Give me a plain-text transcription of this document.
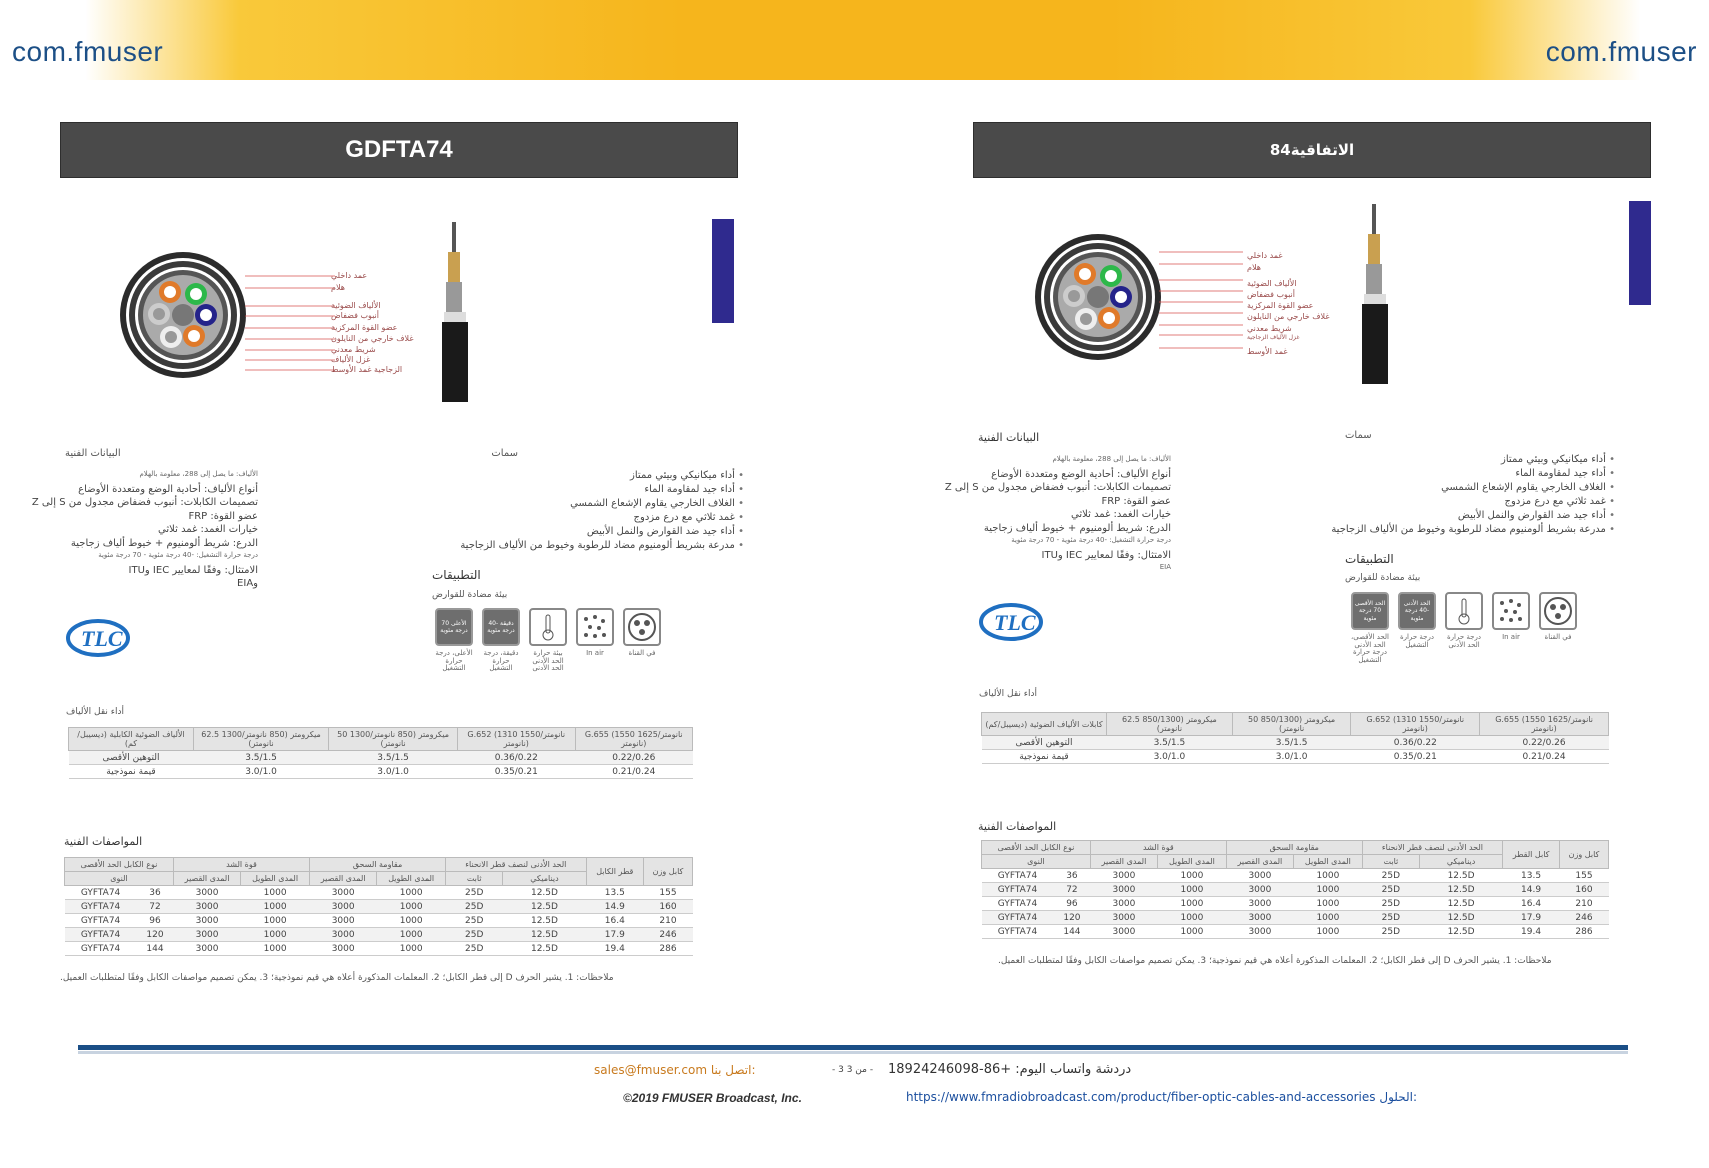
com.fmuser	com.fmuser
GDFTA74
عمد داخلي
هلام
الألياف الضوئية
أنبوب فضفاض
عضو القوة المركزية
غلاف خارجي من النايلون
شريط معدني
غزل الألياف
الزجاجية غمد الأوسط
سمات
• أداء ميكانيكي وبيئي ممتاز
• أداء جيد لمقاومة الماء
• الغلاف الخارجي يقاوم الإشعاع الشمسي
• غمد ثلاثي مع درع مزدوج
• أداء جيد ضد القوارض والنمل الأبيض
• مدرعة بشريط ألومنيوم مضاد للرطوبة وخيوط من الألياف الزجاجية
البيانات الفنية
الألياف: ما يصل إلى 288، معلومة بالهلام
أنواع الألياف: أحادية الوضع ومتعددة الأوضاع
تصميمات الكابلات: أنبوب فضفاض مجدول من S إلى Z
عضو القوة: FRP
خيارات الغمد: غمد ثلاثي
الدرع: شريط ألومنيوم + خيوط ألياف زجاجية
درجة حرارة التشغيل: -40 درجة مئوية - 70 درجة مئوية
الامتثال: وفقًا لمعايير IEC وITU
وEIA
التطبيقات
بيئة مضادة للقوارض
الأعلى 70 درجة مئوية
دقيقة -40 درجة مئوية
الأعلى، درجة حرارة التشغيل
دقيقة، درجة حرارة التشغيل
بيئة حرارة الحد الأدنى الحد الأدنى
In air	في القناة
TLC
أداء نقل الألياف
الألياف الضوئية الكابلية (ديسيبل/كم)	62.5 ميكرومتر (850 نانومتر/1300 نانومتر)	50 ميكرومتر (850 نانومتر/1300 نانومتر)	G.652 (1310 نانومتر/1550 نانومتر)	G.655 (1550 نانومتر/1625 نانومتر)
التوهين الأقصى	3.5/1.5	3.5/1.5	0.36/0.22	0.22/0.26
قيمة نموذجية	3.0/1.0	3.0/1.0	0.35/0.21	0.21/0.24
المواصفات الفنية
نوع الكابل الحد الأقصى		قوة الشد		مقاومة السحق		الحد الأدنى لنصف قطر الانحناء		قطر الكابل	كابل وزن
النوى		المدى القصير	المدى الطويل	المدى القصير	المدى الطويل	ثابت	ديناميكي		
GYFTA74	36	3000	1000	3000	1000	25D	12.5D	13.5	155
GYFTA74	72	3000	1000	3000	1000	25D	12.5D	14.9	160
GYFTA74	96	3000	1000	3000	1000	25D	12.5D	16.4	210
GYFTA74	120	3000	1000	3000	1000	25D	12.5D	17.9	246
GYFTA74	144	3000	1000	3000	1000	25D	12.5D	19.4	286
ملاحظات: 1. يشير الحرف D إلى قطر الكابل؛ 2. المعلمات المذكورة أعلاه هي قيم نموذجية؛ 3. يمكن تصميم مواصفات الكابل وفقًا لمتطلبات العميل.
الاتفاقية84
غمد داخلي
هلام
الألياف الضوئية
أنبوب فضفاض
عضو القوة المركزية
غلاف خارجي من النايلون
شريط معدني
غزل الألياف الزجاجية
غمد الأوسط
سمات
• أداء ميكانيكي وبيئي ممتاز
• أداء جيد لمقاومة الماء
• الغلاف الخارجي يقاوم الإشعاع الشمسي
• غمد ثلاثي مع درع مزدوج
• أداء جيد ضد القوارض والنمل الأبيض
• مدرعة بشريط ألومنيوم مضاد للرطوبة وخيوط من الألياف الزجاجية
البيانات الفنية
الألياف: ما يصل إلى 288، معلومة بالهلام
أنواع الألياف: أحادية الوضع ومتعددة الأوضاع
تصميمات الكابلات: أنبوب فضفاض مجدول من S إلى Z
عضو القوة: FRP
خيارات الغمد: غمد ثلاثي
الدرع: شريط ألومنيوم + خيوط ألياف زجاجية
درجة حرارة التشغيل: -40 درجة مئوية - 70 درجة مئوية
الامتثال: وفقًا لمعايير IEC وITU
EIA
التطبيقات
بيئة مضادة للقوارض
الحد الأقصى 70 درجة مئوية
الحد الأدنى -40 درجة مئوية
الحد الأقصى، الحد الأدنى درجة حرارة التشغيل
درجة حرارة التشغيل
درجة حرارة الحد الأدنى
In air	في القناة
TLC
أداء نقل الألياف
كابلات الألياف الضوئية (ديسيبل/كم)	62.5 ميكرومتر (850/1300 نانومتر)	50 ميكرومتر (850/1300 نانومتر)	G.652 (1310 نانومتر/1550 نانومتر)	G.655 (1550 نانومتر/1625 نانومتر)
التوهين الأقصى	3.5/1.5	3.5/1.5	0.36/0.22	0.22/0.26
قيمة نموذجية	3.0/1.0	3.0/1.0	0.35/0.21	0.21/0.24
المواصفات الفنية
نوع الكابل الحد الأقصى		قوة الشد		مقاومة السحق		الحد الأدنى لنصف قطر الانحناء		كابل القطر	كابل وزن
النوى		المدى القصير	المدى الطويل	المدى القصير	المدى الطويل	ثابت	ديناميكي		
GYFTA74	36	3000	1000	3000	1000	25D	12.5D	13.5	155
GYFTA74	72	3000	1000	3000	1000	25D	12.5D	14.9	160
GYFTA74	96	3000	1000	3000	1000	25D	12.5D	16.4	210
GYFTA74	120	3000	1000	3000	1000	25D	12.5D	17.9	246
GYFTA74	144	3000	1000	3000	1000	25D	12.5D	19.4	286
ملاحظات: 1. يشير الحرف D إلى قطر الكابل؛ 2. المعلمات المذكورة أعلاه هي قيم نموذجية؛ 3. يمكن تصميم مواصفات الكابل وفقًا لمتطلبات العميل.
sales@fmuser.com اتصل بنا:	- 3 من 3 - دردشة واتساب اليوم: +86-18924246098
©2019 FMUSER Broadcast, Inc.	https://www.fmradiobroadcast.com/product/fiber-optic-cables-and-accessories الحلول:
